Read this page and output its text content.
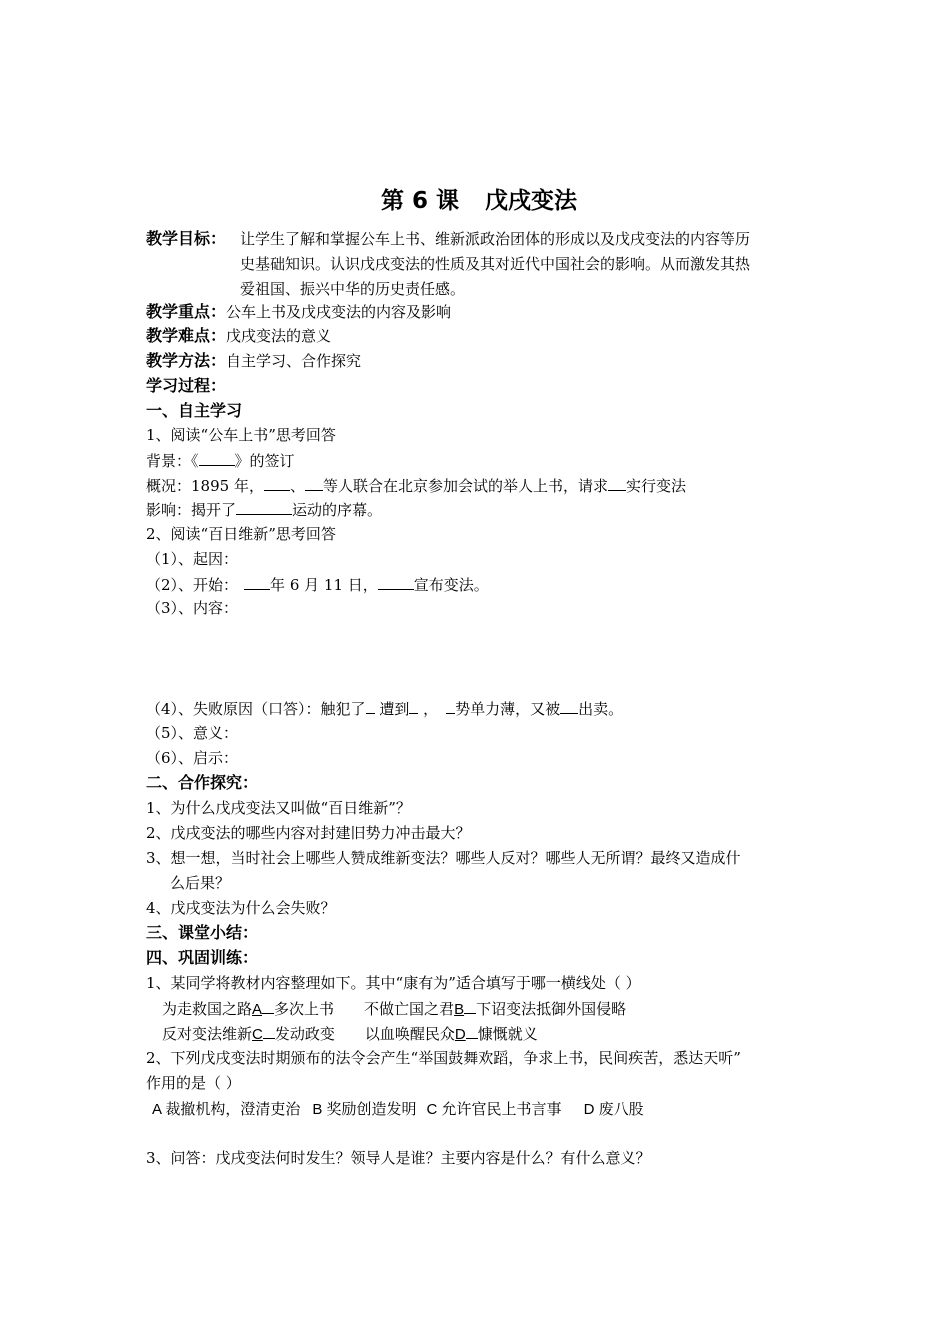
第 6 课 戊戌变法
教学目标： 让学生了解和掌握公车上书、维新派政治团体的形成以及戊戌变法的内容等历
史基础知识。认识戊戌变法的性质及其对近代中国社会的影响。从而激发其热
爱祖国、振兴中华的历史责任感。
教学重点：公车上书及戊戌变法的内容及影响
教学难点：戊戌变法的意义
教学方法：自主学习、合作探究
学习过程：
一、自主学习
1、阅读“公车上书”思考回答
背景：《 》的签订
概况：1895 年， 、 等人联合在北京参加会试的举人上书，请求 实行变法
影响：揭开了	运动的序幕。
2、阅读“百日维新”思考回答
（1）、起因：
（2）、开始： 年 6 月 11 日， 宣布变法。
（3）、内容：
（4）、失败原因（口答）：触犯了 遭到 ， 势单力薄，又被 出卖。
（5）、意义：
（6）、启示：
二、合作探究：
1、为什么戊戌变法又叫做“百日维新”？
2、戊戌变法的哪些内容对封建旧势力冲击最大？
3、想一想，当时社会上哪些人赞成维新变法？哪些人反对？哪些人无所谓？最终又造成什
么后果？
4、戊戌变法为什么会失败？
三、课堂小结：
四、巩固训练：
1、某同学将教材内容整理如下。其中“康有为”适合填写于哪一横线处（ ）
为走救国之路A 多次上书 不做亡国之君B 下诏变法抵御外国侵略
反对变法维新C 发动政变 以血唤醒民众D 慷慨就义
2、下列戊戌变法时期颁布的法令会产生“举国鼓舞欢蹈，争求上书，民间疾苦，悉达天听”
作用的是（ ）
A 裁撤机构，澄清吏治 B 奖励创造发明 C 允许官民上书言事 D 废八股
3、问答：戊戌变法何时发生？领导人是谁？主要内容是什么？有什么意义？
